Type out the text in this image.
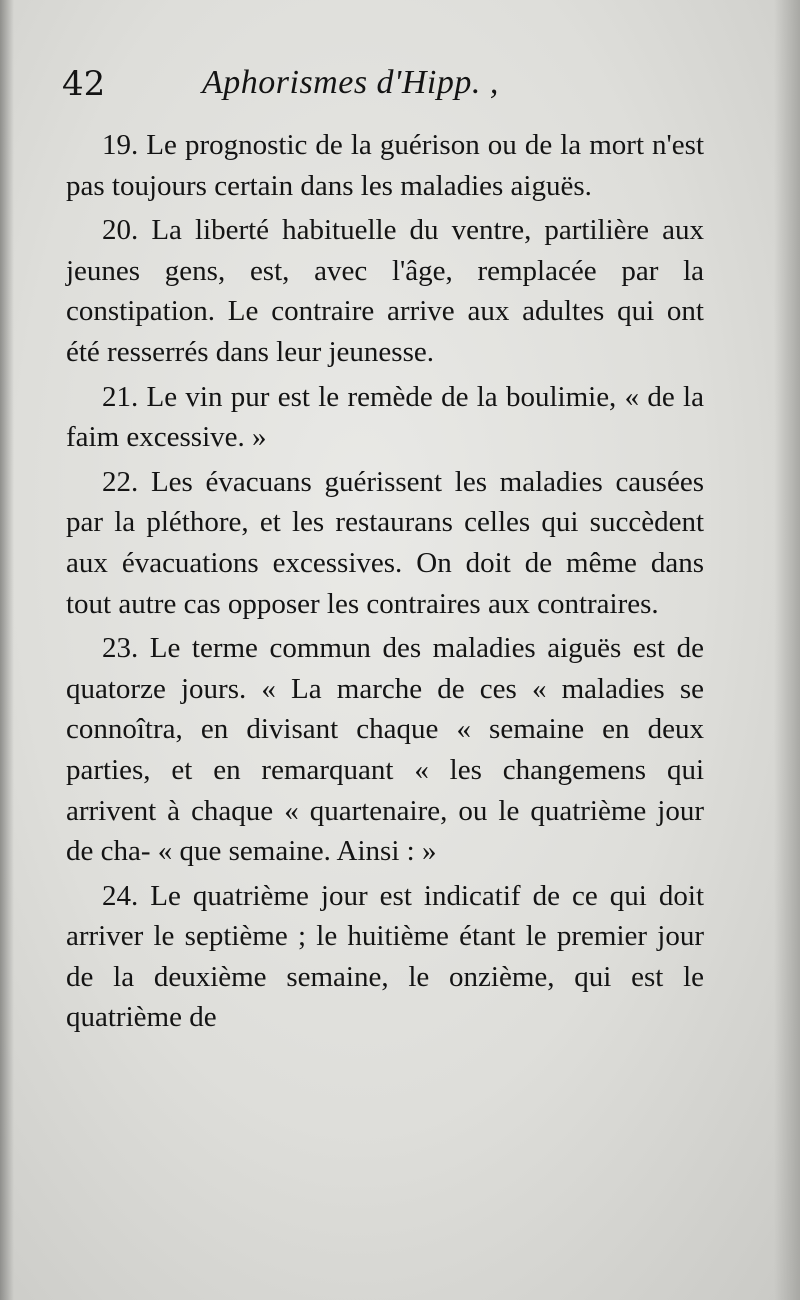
42	Aphorismes d'Hipp. ,

19. Le prognostic de la guérison ou de la mort n'est pas toujours certain dans les maladies aiguës.

20. La liberté habituelle du ventre, partilière aux jeunes gens, est, avec l'âge, remplacée par la constipation. Le contraire arrive aux adultes qui ont été resserrés dans leur jeunesse.

21. Le vin pur est le remède de la boulimie, « de la faim excessive. »

22. Les évacuans guérissent les maladies causées par la pléthore, et les restaurans celles qui succèdent aux évacuations excessives. On doit de même dans tout autre cas opposer les contraires aux contraires.

23. Le terme commun des maladies aiguës est de quatorze jours. « La marche de ces « maladies se connoîtra, en divisant chaque « semaine en deux parties, et en remarquant « les changemens qui arrivent à chaque « quartenaire, ou le quatrième jour de cha- « que semaine. Ainsi : »

24. Le quatrième jour est indicatif de ce qui doit arriver le septième ; le huitième étant le premier jour de la deuxième semaine, le onzième, qui est le quatrième de
